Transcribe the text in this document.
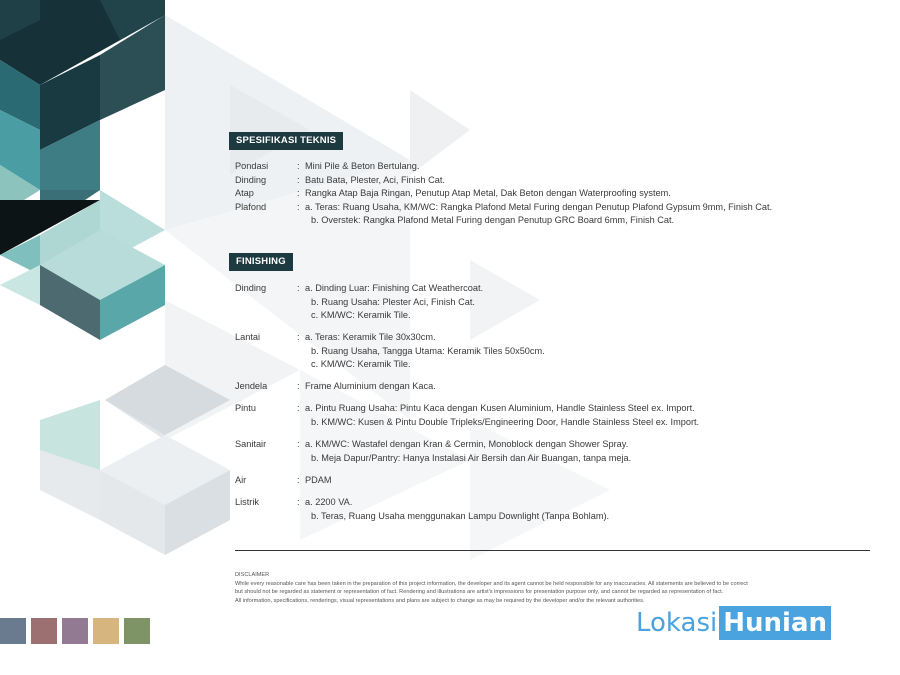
SPESIFIKASI TEKNIS
Pondasi	: Mini Pile & Beton Bertulang.
Dinding	: Batu Bata, Plester, Aci, Finish Cat.
Atap	: Rangka Atap Baja Ringan, Penutup Atap Metal, Dak Beton dengan Waterproofing system.
Plafond	: a. Teras: Ruang Usaha, KM/WC: Rangka Plafond Metal Furing dengan Penutup Plafond Gypsum 9mm, Finish Cat.
b. Overstek: Rangka Plafond Metal Furing dengan Penutup GRC Board 6mm, Finish Cat.
FINISHING
Dinding	: a. Dinding Luar: Finishing Cat Weathercoat.
b. Ruang Usaha: Plester Aci, Finish Cat.
c. KM/WC: Keramik Tile.
Lantai	: a. Teras: Keramik Tile 30x30cm.
b. Ruang Usaha, Tangga Utama: Keramik Tiles 50x50cm.
c. KM/WC: Keramik Tile.
Jendela	: Frame Aluminium dengan Kaca.
Pintu	: a. Pintu Ruang Usaha: Pintu Kaca dengan Kusen Aluminium, Handle Stainless Steel ex. Import.
b. KM/WC: Kusen & Pintu Double Tripleks/Engineering Door, Handle Stainless Steel ex. Import.
Sanitair	: a. KM/WC: Wastafel dengan Kran & Cermin, Monoblock dengan Shower Spray.
b. Meja Dapur/Pantry: Hanya Instalasi Air Bersih dan Air Buangan, tanpa meja.
Air	: PDAM
Listrik	: a. 2200 VA.
b. Teras, Ruang Usaha menggunakan Lampu Downlight (Tanpa Bohlam).
DISCLAIMER
While every reasonable care has been taken in the preparation of this project information, the developer and its agent cannot be held responsible for any inaccuracies. All statements are believed to be correct
but should not be regarded as statement or representation of fact. Rendering and illustrations are artist's impressions for presentation purpose only, and cannot be regarded as representation of fact.
All information, specifications, renderings, visual representations and plans are subject to change as may be required by the developer and/or the relevant authorities.
Lokasi Hunian
